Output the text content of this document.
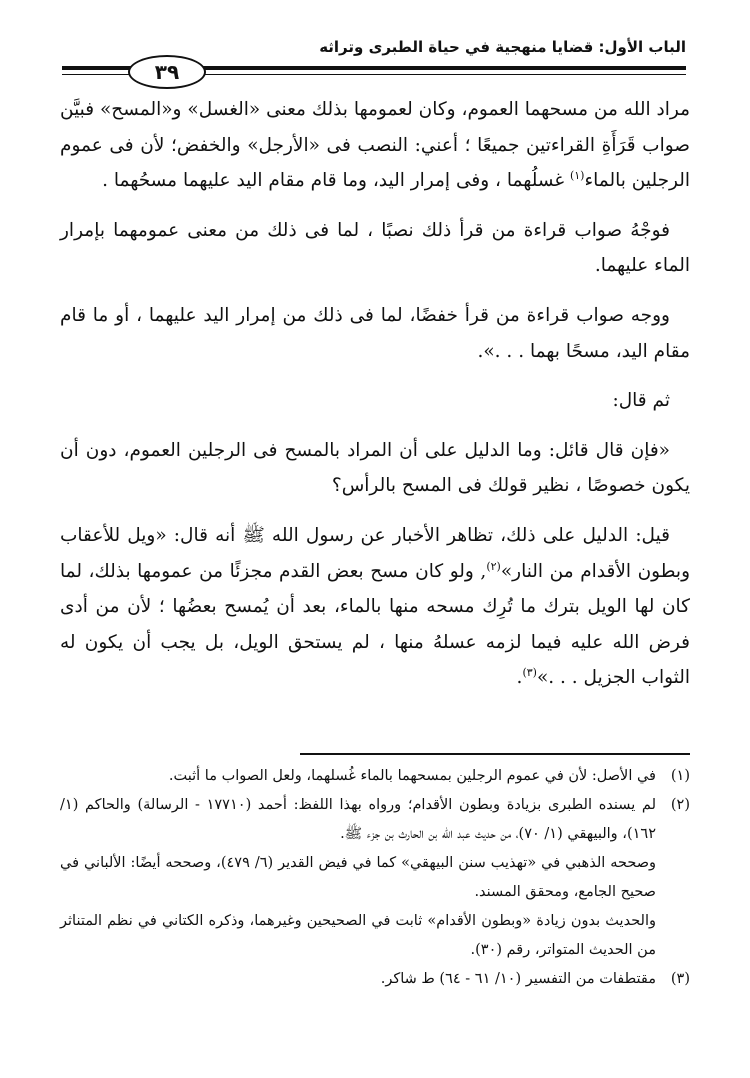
الباب الأول: قضايا منهجية في حياة الطبرى وتراثه
٣٩

مراد الله من مسحهما العموم، وكان لعمومها بذلك معنى «الغسل» و«المسح» فبيَّن صواب قَرَأَةِ القراءتين جميعًا ؛ أعني: النصب فى «الأرجل» والخفض؛ لأن فى عموم الرجلين بالماء$^{(١)}$ غسلُهما ، وفى إمرار اليد، وما قام مقام اليد عليهما مسحُهما .

فوجْهُ صواب قراءة من قرأ ذلك نصبًا ، لما فى ذلك من معنى عمومهما بإمرار الماء عليهما.

ووجه صواب قراءة من قرأ خفضًا، لما فى ذلك من إمرار اليد عليهما ، أو ما قام مقام اليد، مسحًا بهما . . .».

ثم قال:

«فإن قال قائل: وما الدليل على أن المراد بالمسح فى الرجلين العموم، دون أن يكون خصوصًا ، نظير قولك فى المسح بالرأس؟

قيل: الدليل على ذلك، تظاهر الأخبار عن رسول الله ﷺ أنه قال: «ويل للأعقاب وبطون الأقدام من النار»$^{(٢)}$, ولو كان مسح بعض القدم مجزئًا من عمومها بذلك، لما كان لها الويل بترك ما تُرِك مسحه منها بالماء، بعد أن يُمسح بعضُها ؛ لأن من أدى فرض الله عليه فيما لزمه عسلهُ منها ، لم يستحق الويل، بل يجب أن يكون له الثواب الجزيل . . .»$^{(٣)}$.

(١)
في الأصل: لأن في عموم الرجلين بمسحهما بالماء غُسلهما، ولعل الصواب ما أثبت.
(٢)
لم يسنده الطبرى بزيادة وبطون الأقدام؛ ورواه بهذا اللفظ: أحمد (١٧٧١٠ - الرسالة) والحاكم (١/ ١٦٢)، والبيهقي (١/ ٧٠)، من حديث عبد الله بن الحارث بن جزء ﷺ.
وصححه الذهبي في «تهذيب سنن البيهقي» كما في فيض القدير (٦/ ٤٧٩)، وصححه أيضًا: الألباني في صحيح الجامع، ومحقق المسند.
والحديث بدون زيادة «وبطون الأقدام» ثابت في الصحيحين وغيرهما، وذكره الكتاني في نظم المتناثر من الحديث المتواتر، رقم (٣٠).
(٣)
مقتطفات من التفسير (١٠/ ٦١ - ٦٤) ط شاكر.
